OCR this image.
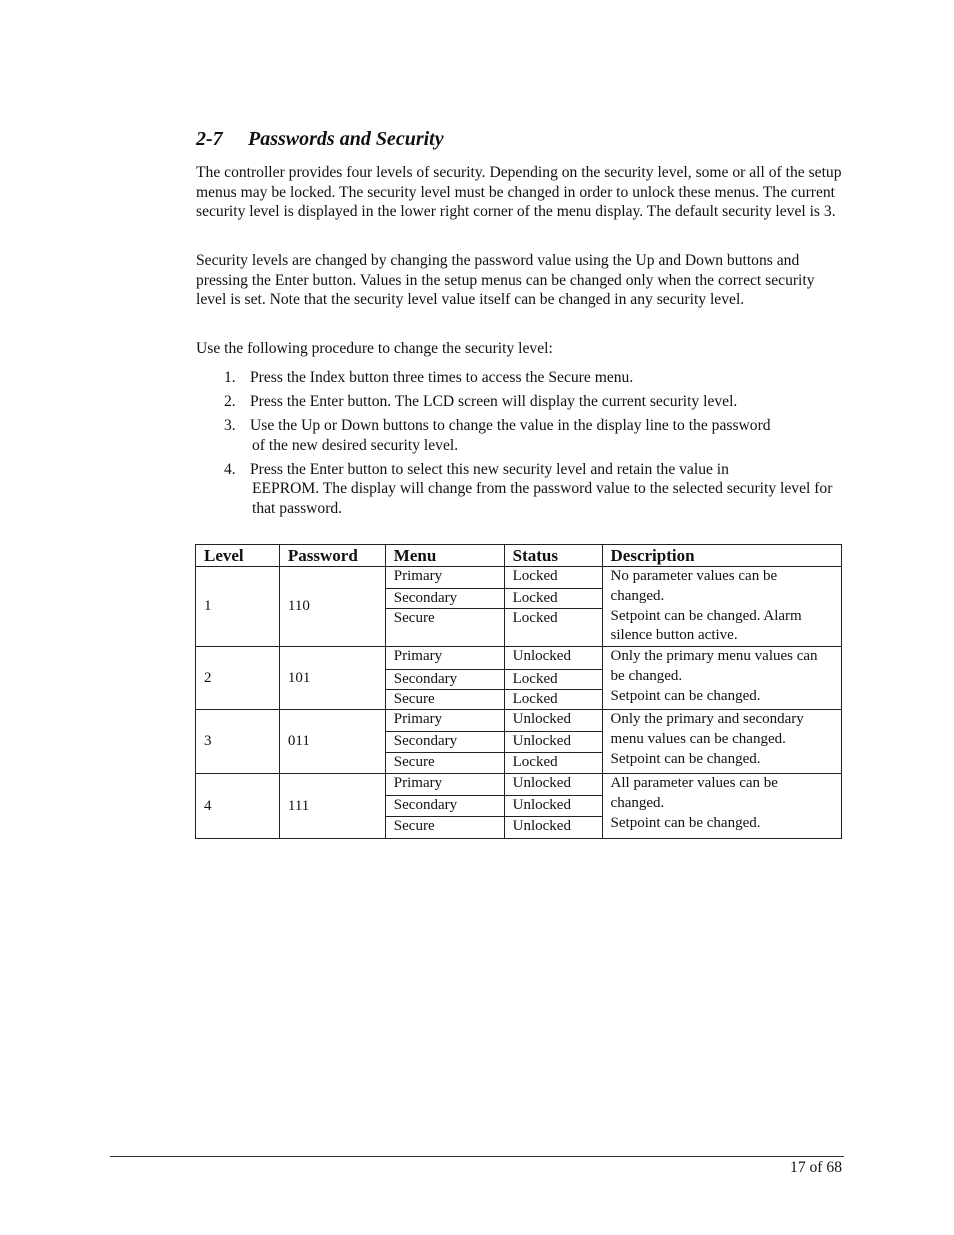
2-7 Passwords and Security

The controller provides four levels of security. Depending on the security level, some or all of the setup menus may be locked. The security level must be changed in order to unlock these menus. The current security level is displayed in the lower right corner of the menu display. The default security level is 3.

Security levels are changed by changing the password value using the Up and Down buttons and pressing the Enter button. Values in the setup menus can be changed only when the correct security level is set. Note that the security level value itself can be changed in any security level.

Use the following procedure to change the security level:

1. Press the Index button three times to access the Secure menu.
2. Press the Enter button. The LCD screen will display the current security level.
3. Use the Up or Down buttons to change the value in the display line to the password
of the new desired security level.
4. Press the Enter button to select this new security level and retain the value in
EEPROM. The display will change from the password value to the selected security level for that password.
Level	Password	Menu	Status	Description
1	110	Primary	Locked	No parameter values can be changed.
Setpoint can be changed. Alarm silence button active.

		Secondary	Locked	
		Secure	Locked	
2	101	Primary	Unlocked	Only the primary menu values can be changed.
Setpoint can be changed.

		Secondary	Locked	
		Secure	Locked	
3	011	Primary	Unlocked	Only the primary and secondary menu values can be changed.
Setpoint can be changed.

		Secondary	Unlocked	
		Secure	Locked	
4	111	Primary	Unlocked	All parameter values can be changed.
Setpoint can be changed.

		Secondary	Unlocked	
		Secure	Unlocked	
17 of 68
